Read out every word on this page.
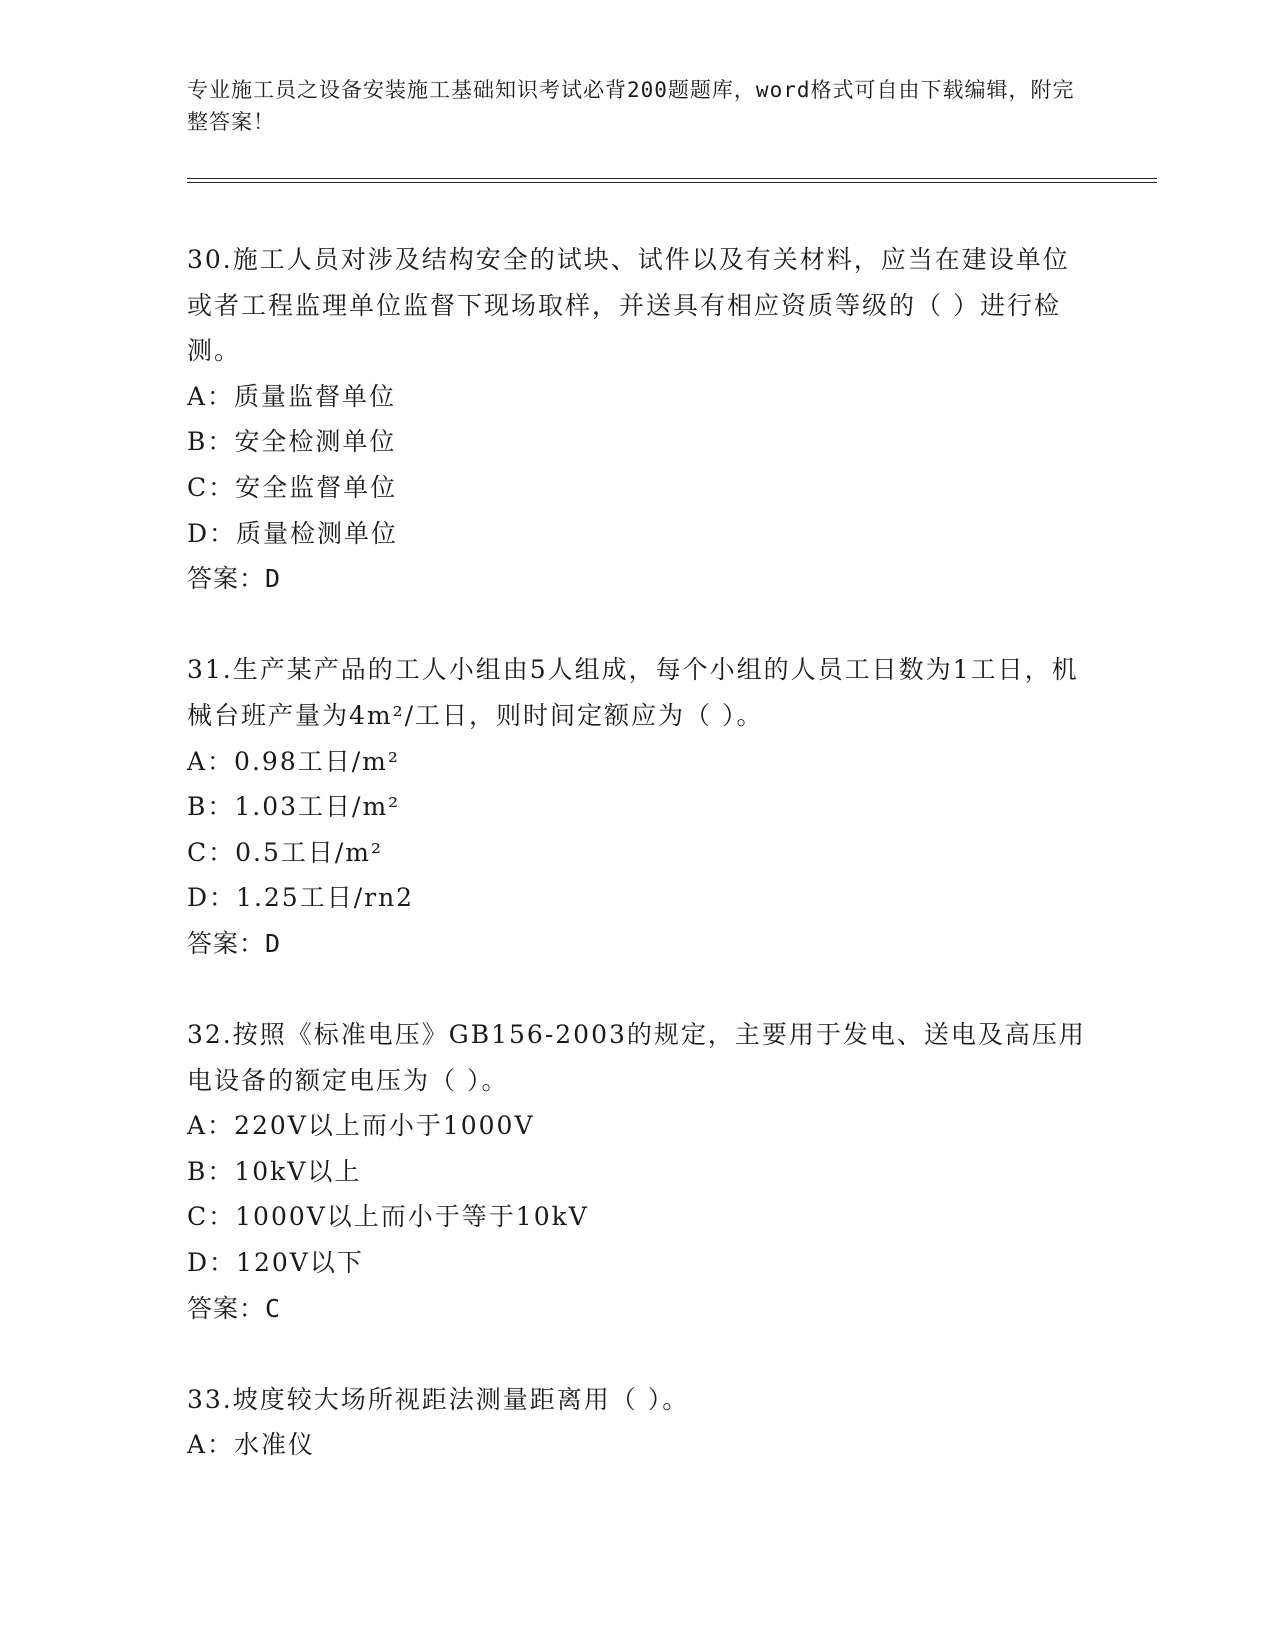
专业施工员之设备安装施工基础知识考试必背200题题库，word格式可自由下载编辑，附完整答案！
30.施工人员对涉及结构安全的试块、试件以及有关材料，应当在建设单位或者工程监理单位监督下现场取样，并送具有相应资质等级的（ ）进行检测。
A：质量监督单位
B：安全检测单位
C：安全监督单位
D：质量检测单位
答案：D
31.生产某产品的工人小组由5人组成，每个小组的人员工日数为1工日，机械台班产量为4m²/工日，则时间定额应为（ ）。
A：0.98工日/m²
B：1.03工日/m²
C：0.5工日/m²
D：1.25工日/rn2
答案：D
32.按照《标准电压》GB156-2003的规定，主要用于发电、送电及高压用电设备的额定电压为（ ）。
A：220V以上而小于1000V
B：10kV以上
C：1000V以上而小于等于10kV
D：120V以下
答案：C
33.坡度较大场所视距法测量距离用（ ）。
A：水准仪
